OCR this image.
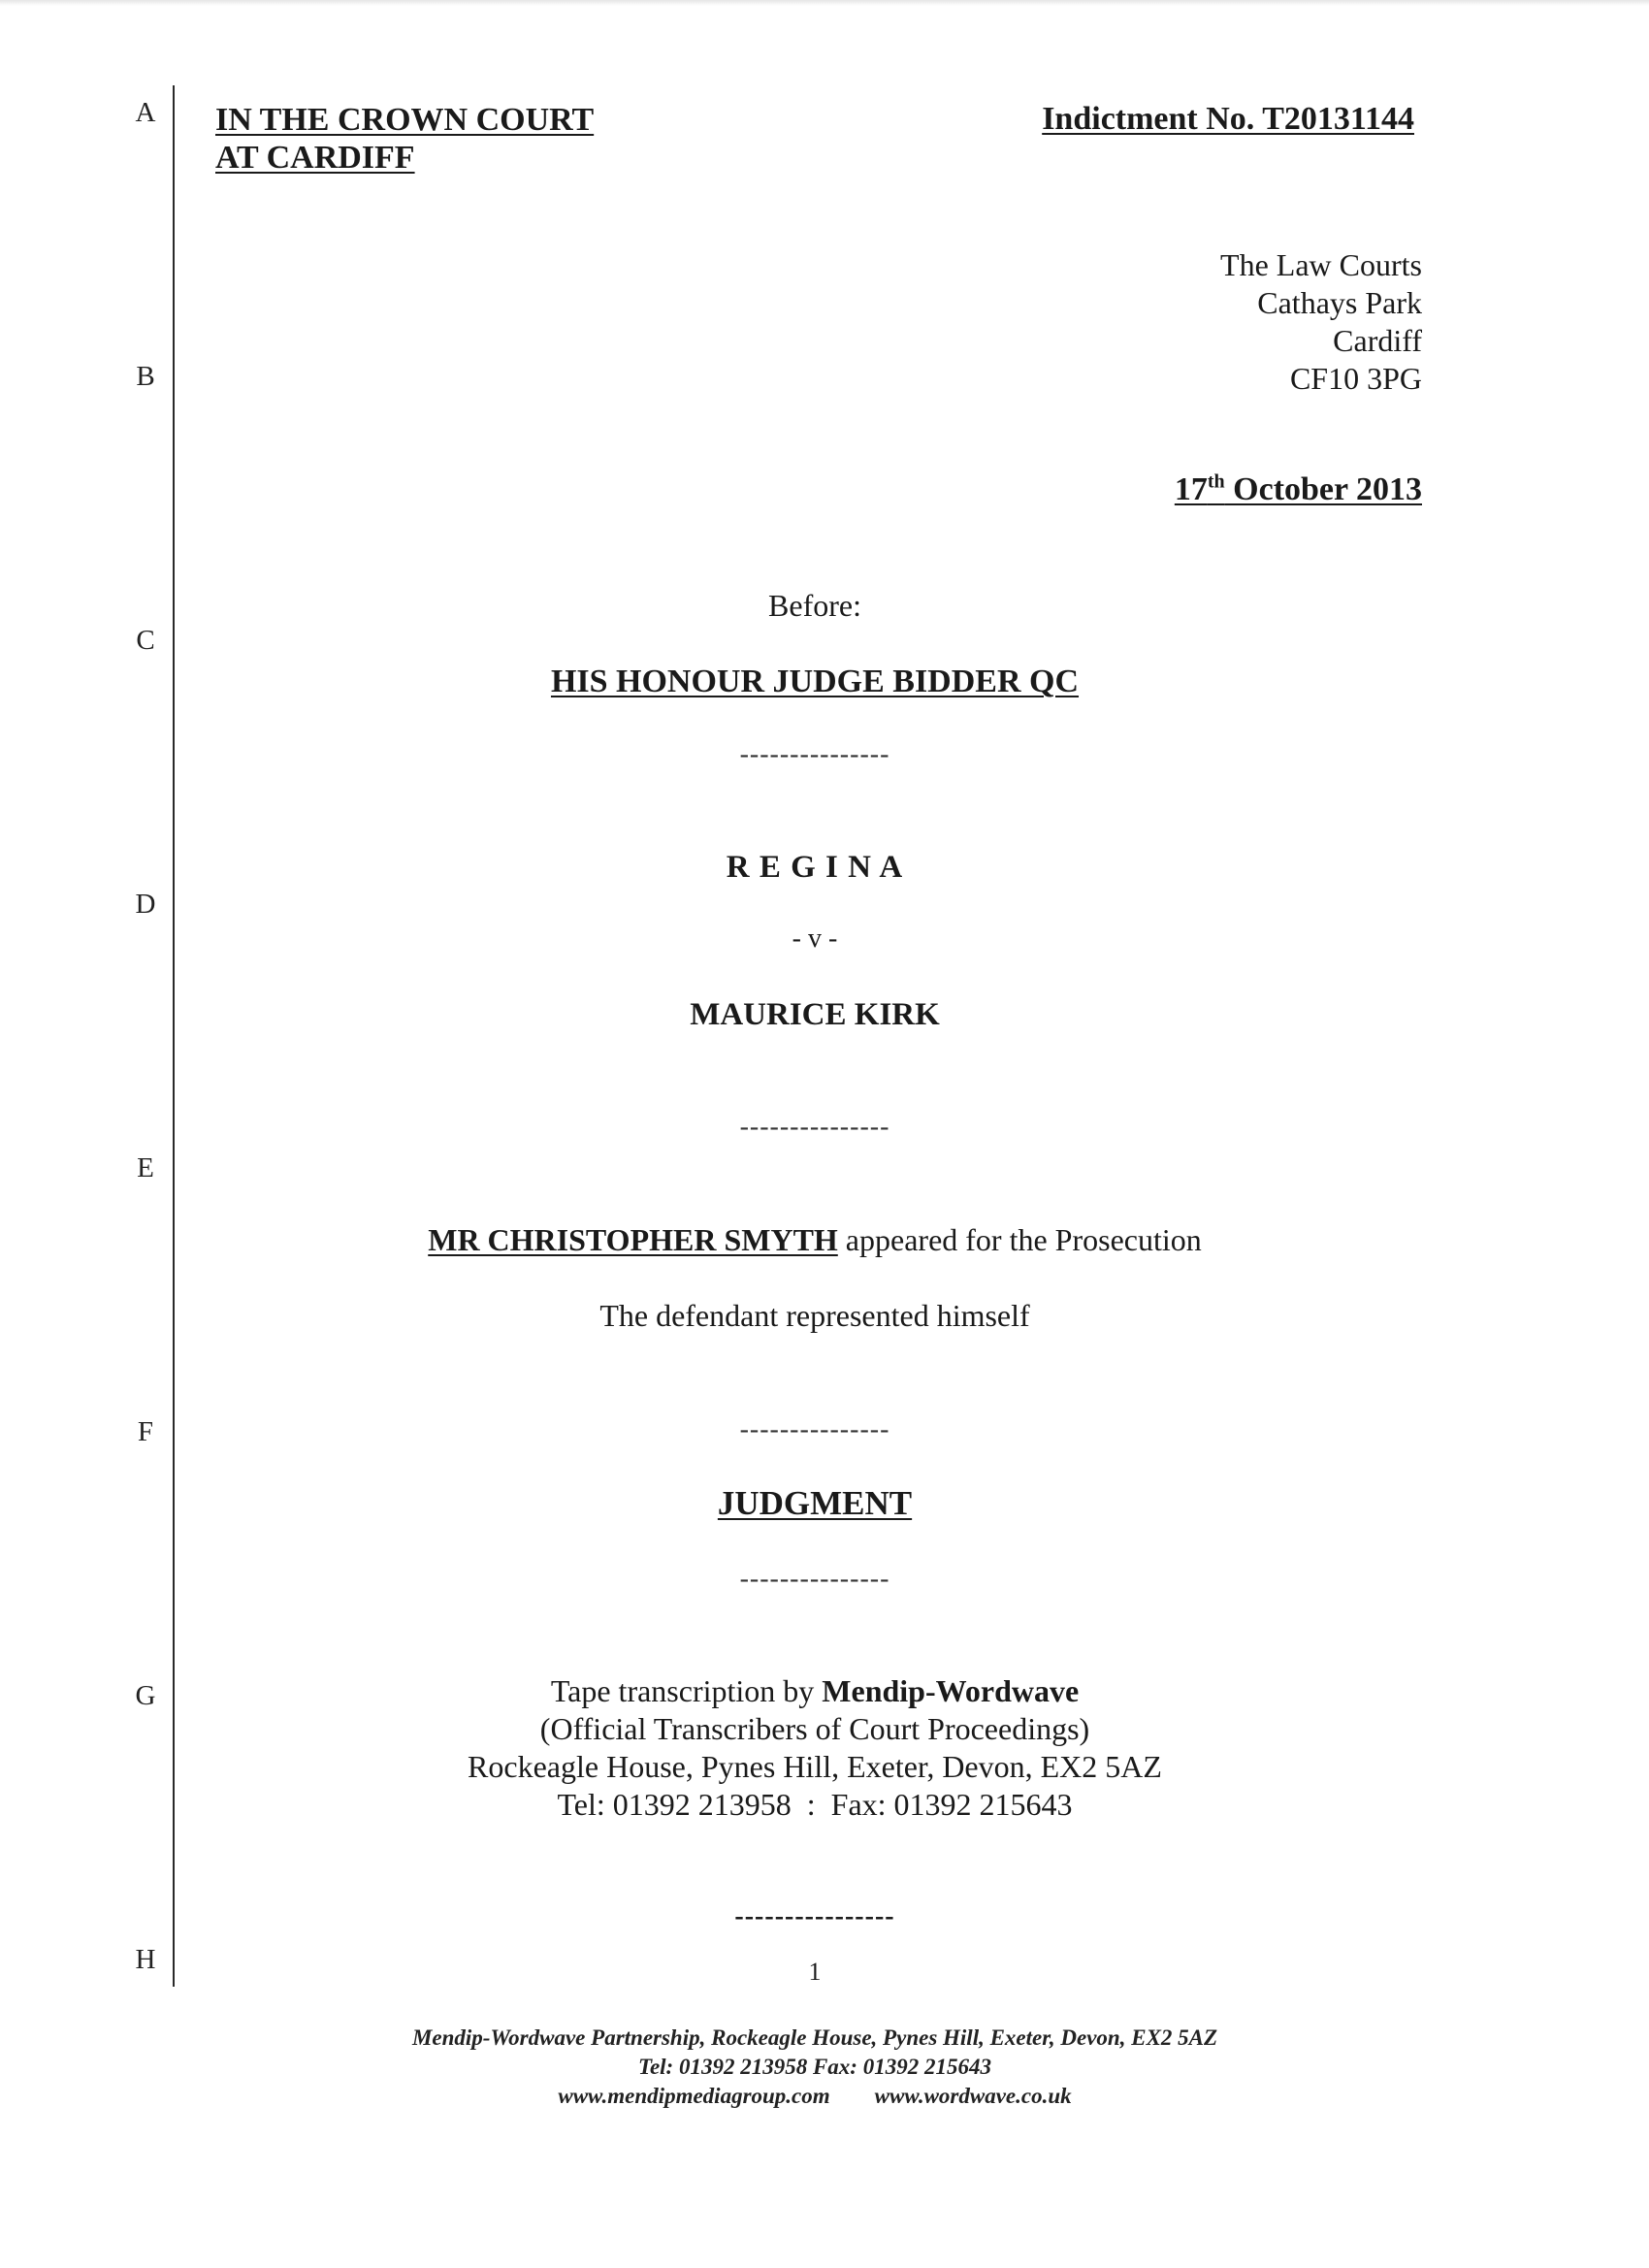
A
B
C
D
E
F
G
H
IN THE CROWN COURT
AT CARDIFF
Indictment No. T20131144
The Law Courts
Cathays Park
Cardiff
CF10 3PG
17th October 2013
Before:
HIS HONOUR JUDGE BIDDER QC
---------------
R E G I N A
- v -
MAURICE KIRK
---------------
MR CHRISTOPHER SMYTH appeared for the Prosecution
The defendant represented himself
---------------
JUDGMENT
---------------
Tape transcription by Mendip-Wordwave
(Official Transcribers of Court Proceedings)
Rockeagle House, Pynes Hill, Exeter, Devon, EX2 5AZ
Tel: 01392 213958  :  Fax: 01392 215643
----------------
1
Mendip-Wordwave Partnership, Rockeagle House, Pynes Hill, Exeter, Devon, EX2 5AZ
Tel: 01392 213958 Fax: 01392 215643
www.mendipmediagroup.com www.wordwave.co.uk
